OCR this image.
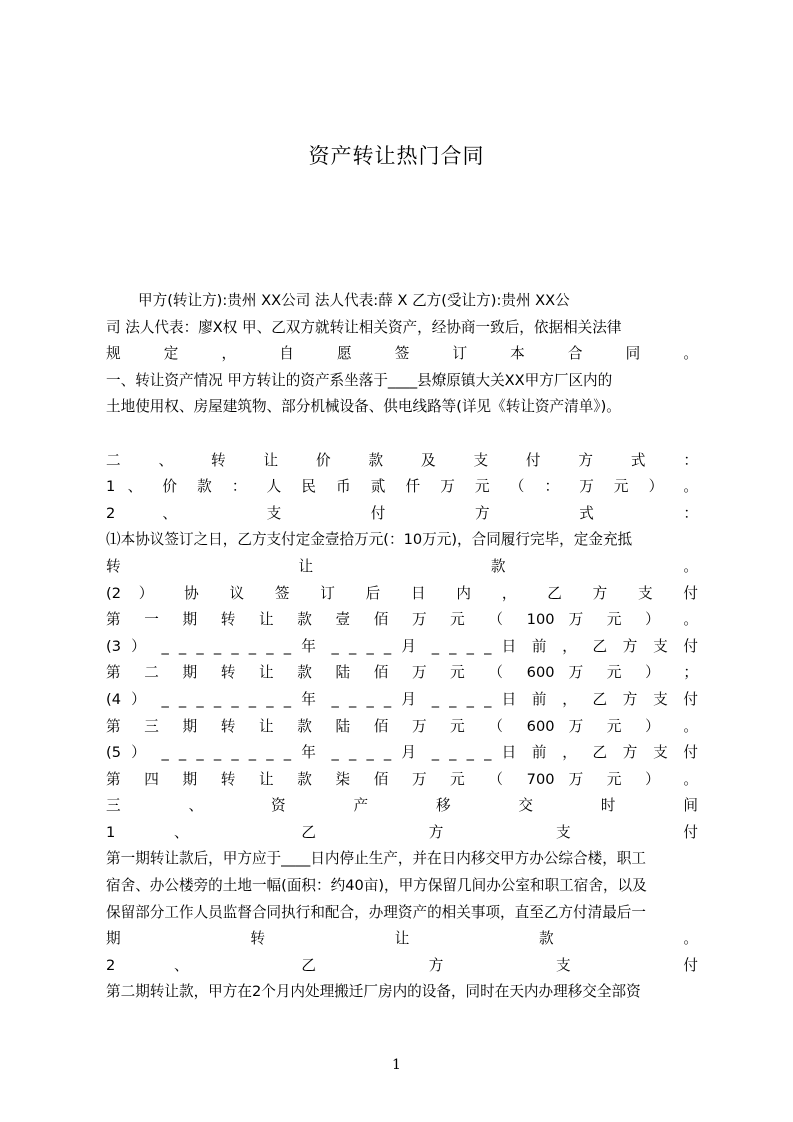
资产转让热门合同
甲方(转让方):贵州 XX公司 法人代表:薛 X 乙方(受让方):贵州 XX公
司 法人代表：廖X权 甲、乙双方就转让相关资产，经协商一致后，依据相关法律
规 定 ， 自 愿 签 订 本 合 同 。
一、转让资产情况 甲方转让的资产系坐落于____县燎原镇大关XX甲方厂区内的
土地使用权、房屋建筑物、部分机械设备、供电线路等(详见《转让资产清单》)。
二 、 转 让 价 款 及 支 付 方 式 ：
1 、 价 款 ： 人 民 币 贰 仟 万 元 （ ： 万 元 ） 。
2 、 支 付 方 式 ：
⑴本协议签订之日，乙方支付定金壹拾万元(：10万元)，合同履行完毕，定金充抵
转 让 款 。
(2 ） 协 议 签 订 后 日 内 ， 乙 方 支 付
第 一 期 转 让 款 壹 佰 万 元 （ 100 万 元 ） 。
(3 ） _ _ _ _ _ _ _ _ 年 _ _ _ _ 月 _ _ _ _ 日 前 ， 乙 方 支 付
第 二 期 转 让 款 陆 佰 万 元 （ 600 万 元 ） ；
(4 ） _ _ _ _ _ _ _ _ 年 _ _ _ _ 月 _ _ _ _ 日 前 ， 乙 方 支 付
第 三 期 转 让 款 陆 佰 万 元 （ 600 万 元 ） 。
(5 ） _ _ _ _ _ _ _ _ 年 _ _ _ _ 月 _ _ _ _ 日 前 ， 乙 方 支 付
第 四 期 转 让 款 柒 佰 万 元 （ 700 万 元 ） 。
三 、 资 产 移 交 时 间
1 、 乙 方 支 付
第一期转让款后，甲方应于____日内停止生产，并在日内移交甲方办公综合楼，职工
宿舍、办公楼旁的土地一幅(面积：约40亩)，甲方保留几间办公室和职工宿舍，以及
保留部分工作人员监督合同执行和配合，办理资产的相关事项，直至乙方付清最后一
期 转 让 款 。
2 、 乙 方 支 付
第二期转让款，甲方在2个月内处理搬迁厂房内的设备，同时在天内办理移交全部资
1
